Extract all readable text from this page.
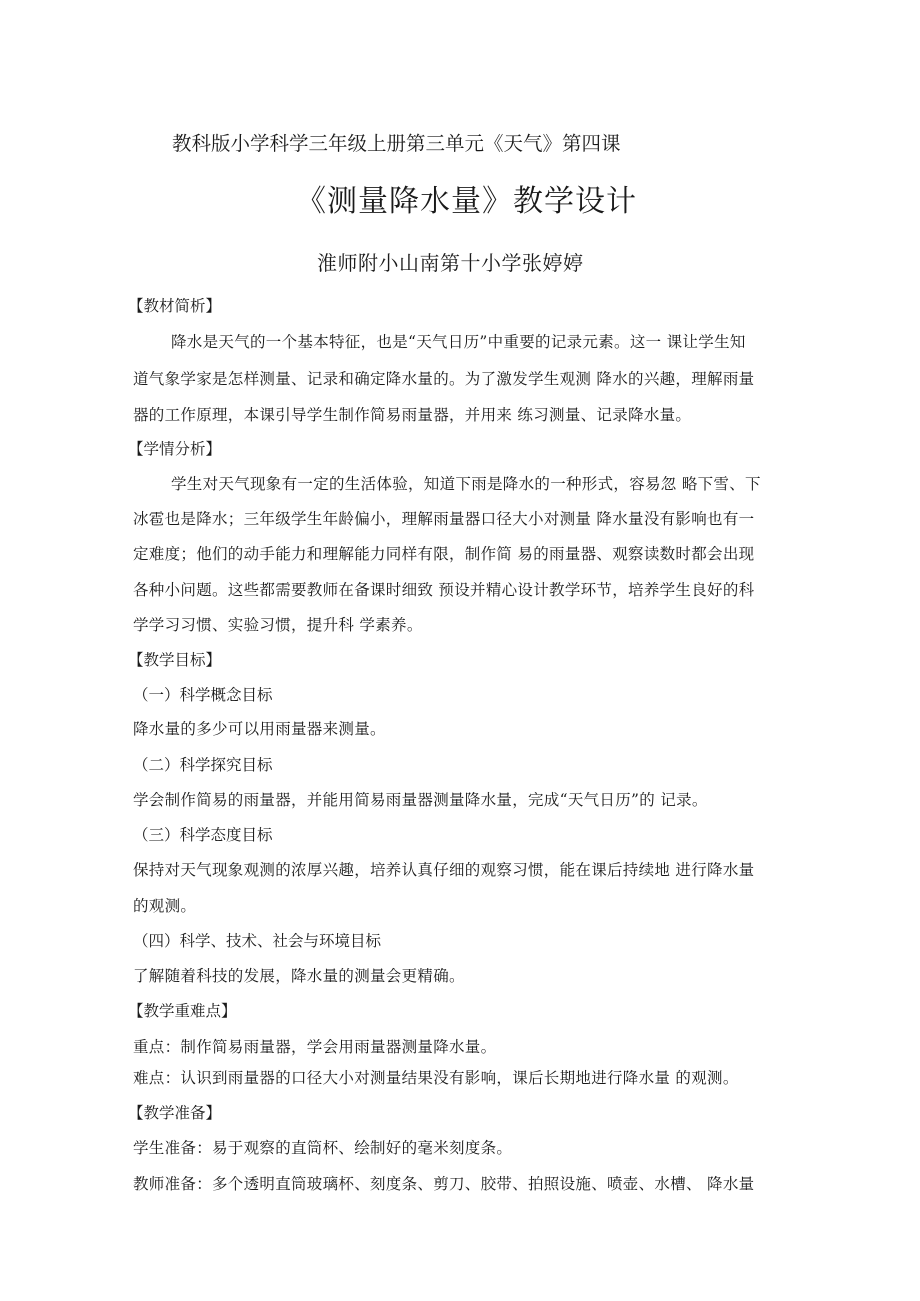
教科版小学科学三年级上册第三单元《天气》第四课
《测量降水量》教学设计
淮师附小山南第十小学张婷婷
【教材简析】
降水是天气的一个基本特征，也是“天气日历”中重要的记录元素。这一 课让学生知
道气象学家是怎样测量、记录和确定降水量的。为了激发学生观测 降水的兴趣，理解雨量
器的工作原理，本课引导学生制作简易雨量器，并用来 练习测量、记录降水量。
【学情分析】
学生对天气现象有一定的生活体验，知道下雨是降水的一种形式，容易忽 略下雪、下
冰雹也是降水；三年级学生年龄偏小，理解雨量器口径大小对测量 降水量没有影响也有一
定难度；他们的动手能力和理解能力同样有限，制作简 易的雨量器、观察读数时都会出现
各种小问题。这些都需要教师在备课时细致 预设并精心设计教学环节，培养学生良好的科
学学习习惯、实验习惯，提升科 学素养。
【教学目标】
（一）科学概念目标
降水量的多少可以用雨量器来测量。
（二）科学探究目标
学会制作简易的雨量器，并能用简易雨量器测量降水量，完成“天气日历”的 记录。
（三）科学态度目标
保持对天气现象观测的浓厚兴趣，培养认真仔细的观察习惯，能在课后持续地 进行降水量
的观测。
（四）科学、技术、社会与环境目标
了解随着科技的发展，降水量的测量会更精确。
【教学重难点】
重点：制作简易雨量器，学会用雨量器测量降水量。
难点：认识到雨量器的口径大小对测量结果没有影响，课后长期地进行降水量 的观测。
【教学准备】
学生准备：易于观察的直筒杯、绘制好的毫米刻度条。
教师准备：多个透明直筒玻璃杯、刻度条、剪刀、胶带、拍照设施、喷壶、水槽、 降水量
